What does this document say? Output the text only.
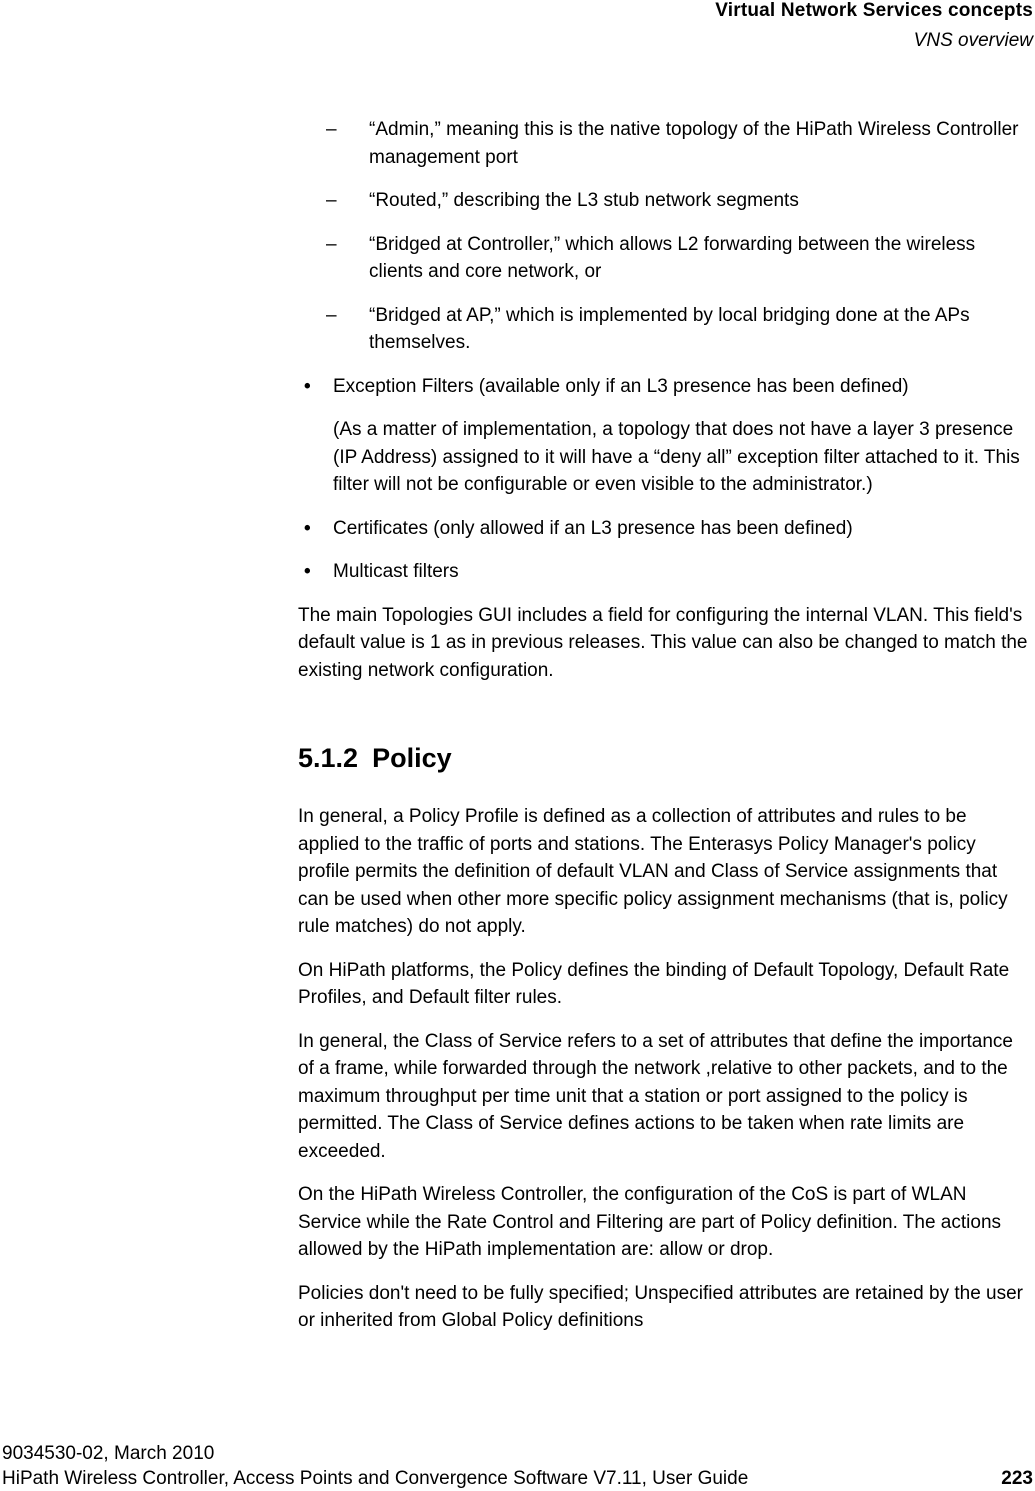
Virtual Network Services concepts
VNS overview
– “Admin,” meaning this is the native topology of the HiPath Wireless Controller management port
– “Routed,” describing the L3 stub network segments
– “Bridged at Controller,” which allows L2 forwarding between the wireless clients and core network, or
– “Bridged at AP,” which is implemented by local bridging done at the APs themselves.
• Exception Filters (available only if an L3 presence has been defined)
(As a matter of implementation, a topology that does not have a layer 3 presence (IP Address) assigned to it will have a “deny all” exception filter attached to it. This filter will not be configurable or even visible to the administrator.)
• Certificates (only allowed if an L3 presence has been defined)
• Multicast filters
The main Topologies GUI includes a field for configuring the internal VLAN. This field's default value is 1 as in previous releases. This value can also be changed to match the existing network configuration.
5.1.2 Policy
In general, a Policy Profile is defined as a collection of attributes and rules to be applied to the traffic of ports and stations. The Enterasys Policy Manager's policy profile permits the definition of default VLAN and Class of Service assignments that can be used when other more specific policy assignment mechanisms (that is, policy rule matches) do not apply.
On HiPath platforms, the Policy defines the binding of Default Topology, Default Rate Profiles, and Default filter rules.
In general, the Class of Service refers to a set of attributes that define the importance of a frame, while forwarded through the network ,relative to other packets, and to the maximum throughput per time unit that a station or port assigned to the policy is permitted. The Class of Service defines actions to be taken when rate limits are exceeded.
On the HiPath Wireless Controller, the configuration of the CoS is part of WLAN Service while the Rate Control and Filtering are part of Policy definition. The actions allowed by the HiPath implementation are: allow or drop.
Policies don't need to be fully specified; Unspecified attributes are retained by the user or inherited from Global Policy definitions
9034530-02, March 2010
HiPath Wireless Controller, Access Points and Convergence Software V7.11, User Guide	223
